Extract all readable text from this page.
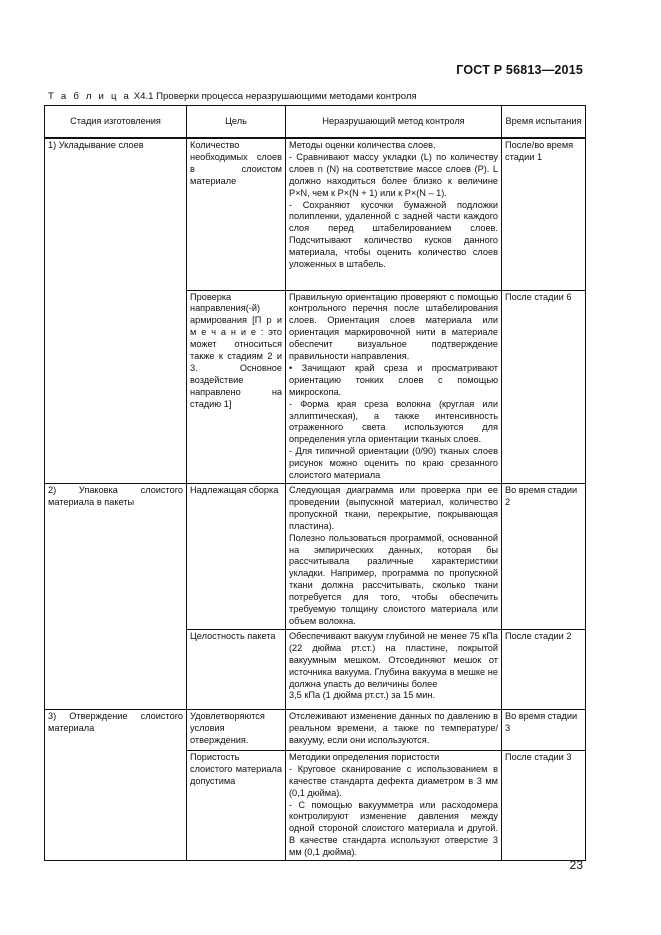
ГОСТ Р 56813—2015
Т а б л и ц а X4.1 Проверки процесса неразрушающими методами контроля
Стадия изготовления	Цель	Неразрушающий метод контроля	Время испытания
1) Укладывание слоев	Количество необходимых слоев в слоистом материале	Методы оценки количества слоев.
- Сравнивают массу укладки (L) по количеству слоев n (N) на соответствие массе слоев (P). L должно находиться более близко к величине P×N, чем к P×(N + 1) или к P×(N – 1).
- Сохраняют кусочки бумажной подложки полипленки, удаленной с задней части каждого слоя перед штабелированием слоев. Подсчитывают количество кусков данного материала, чтобы оценить количество слоев уложенных в штабель.	После/во время стадии 1
	Проверка направления(-й) армирования [П р и м е ч а н и е : это может относиться также к стадиям 2 и 3. Основное воздействие направлено на стадию 1]	Правильную ориентацию проверяют с помощью контрольного перечня после штабелирования слоев. Ориентация слоев материала или ориентация маркировочной нити в материале обеспечит визуальное подтверждение правильности направления.
• Зачищают край среза и просматривают ориентацию тонких слоев с помощью микроскопа.
- Форма края среза волокна (круглая или эллиптическая), а также интенсивность отраженного света используются для определения угла ориентации тканых слоев.
- Для типичной ориентации (0/90) тканых слоев рисунок можно оценить по краю срезанного слоистого материала	После стадии 6
2) Упаковка слоистого материала в пакеты	Надлежащая сборка	Следующая диаграмма или проверка при ее проведении (выпускной материал, количество пропускной ткани, перекрытие, покрывающая пластина).
Полезно пользоваться программой, основанной на эмпирических данных, которая бы рассчитывала различные характеристики укладки. Например, программа по пропускной ткани должна рассчитывать, сколько ткани потребуется для того, чтобы обеспечить требуемую толщину слоистого материала или объем волокна.	Во время стадии 2
	Целостность пакета	Обеспечивают вакуум глубиной не менее 75 кПа (22 дюйма рт.ст.) на пластине, покрытой вакуумным мешком. Отсоединяют мешок от источника вакуума. Глубина вакуума в мешке не должна упасть до величины более
3,5 кПа (1 дюйма рт.ст.) за 15 мин.	После стадии 2
3) Отверждение слоистого материала	Удовлетворяются условия отверждения.	Отслеживают изменение данных по давлению в реальном времени, а также по температуре/вакууму, если они используются.	Во время стадии 3
	Пористость слоистого материала допустима	Методики определения пористости
- Круговое сканирование с использованием в качестве стандарта дефекта диаметром в 3 мм (0,1 дюйма).
- С помощью вакуумметра или расходомера контролируют изменение давления между одной стороной слоистого материала и другой. В качестве стандарта используют отверстие 3 мм (0,1 дюйма).	После стадии 3
23
